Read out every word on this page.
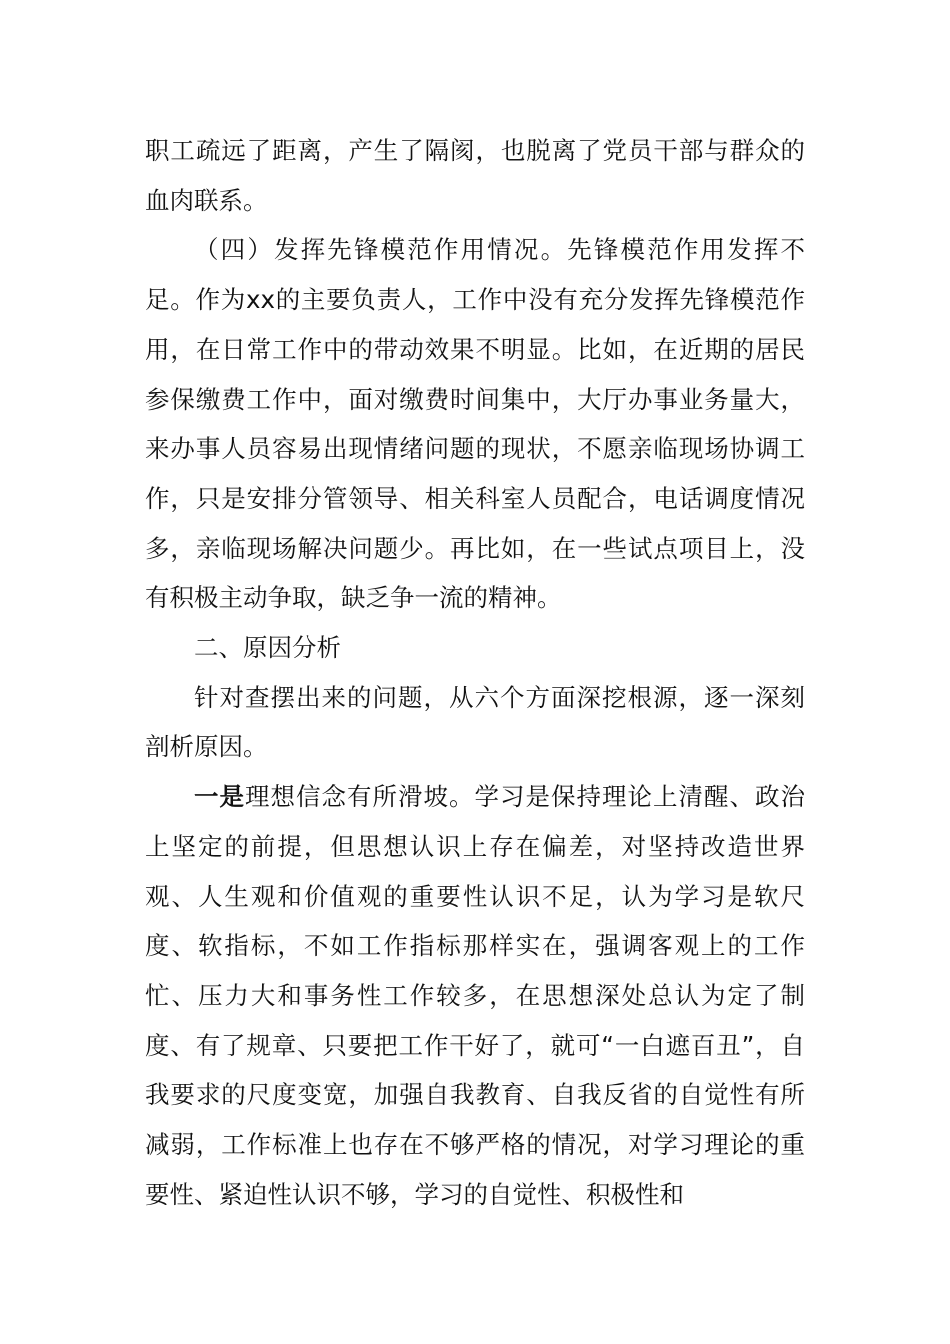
职工疏远了距离，产生了隔阂，也脱离了党员干部与群众的血肉联系。

（四）发挥先锋模范作用情况。先锋模范作用发挥不足。作为xx的主要负责人，工作中没有充分发挥先锋模范作用，在日常工作中的带动效果不明显。比如，在近期的居民参保缴费工作中，面对缴费时间集中，大厅办事业务量大，来办事人员容易出现情绪问题的现状，不愿亲临现场协调工作，只是安排分管领导、相关科室人员配合，电话调度情况多，亲临现场解决问题少。再比如，在一些试点项目上，没有积极主动争取，缺乏争一流的精神。

二、原因分析

针对查摆出来的问题，从六个方面深挖根源，逐一深刻剖析原因。

一是理想信念有所滑坡。学习是保持理论上清醒、政治上坚定的前提，但思想认识上存在偏差，对坚持改造世界观、人生观和价值观的重要性认识不足，认为学习是软尺度、软指标，不如工作指标那样实在，强调客观上的工作忙、压力大和事务性工作较多，在思想深处总认为定了制度、有了规章、只要把工作干好了，就可“一白遮百丑”，自我要求的尺度变宽，加强自我教育、自我反省的自觉性有所减弱，工作标准上也存在不够严格的情况，对学习理论的重要性、紧迫性认识不够，学习的自觉性、积极性和
